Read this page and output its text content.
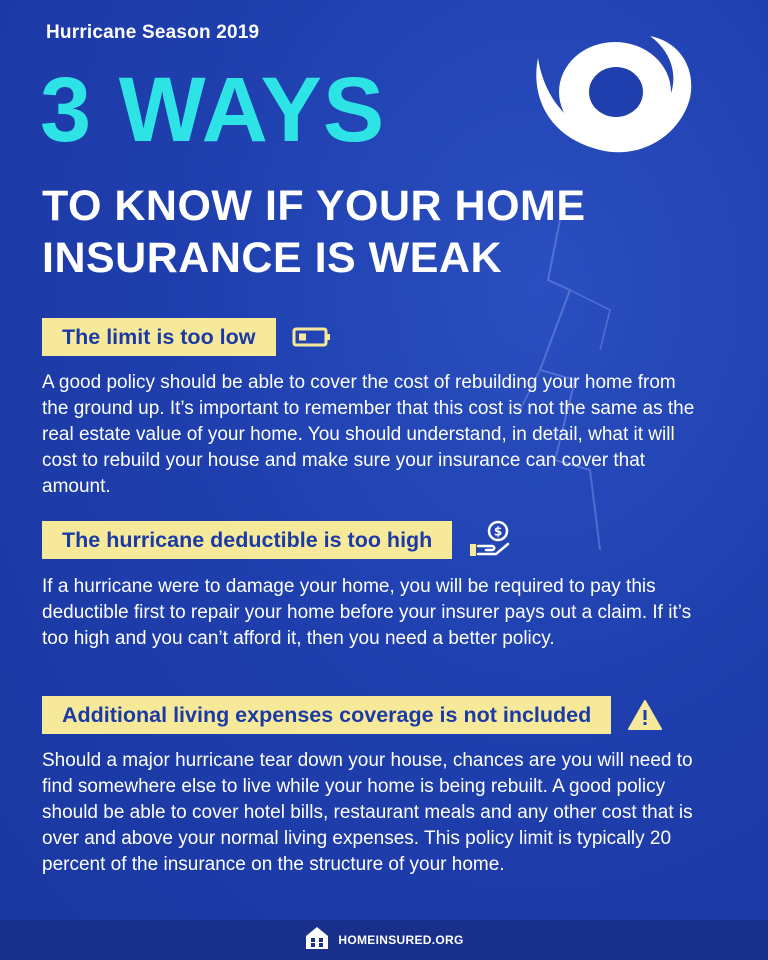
Hurricane Season 2019
3 WAYS
TO KNOW IF YOUR HOME
INSURANCE IS WEAK
The limit is too low
A good policy should be able to cover the cost of rebuilding your home from the ground up. It’s important to remember that this cost is not the same as the real estate value of your home. You should understand, in detail, what it will cost to rebuild your house and make sure your insurance can cover that amount.
The hurricane deductible is too high	$
If a hurricane were to damage your home, you will be required to pay this deductible first to repair your home before your insurer pays out a claim. If it’s too high and you can’t afford it, then you need a better policy.
Additional living expenses coverage is not included
Should a major hurricane tear down your house, chances are you will need to find somewhere else to live while your home is being rebuilt. A good policy should be able to cover hotel bills, restaurant meals and any other cost that is over and above your normal living expenses. This policy limit is typically 20 percent of the insurance on the structure of your home.
HOMEINSURED.ORG
